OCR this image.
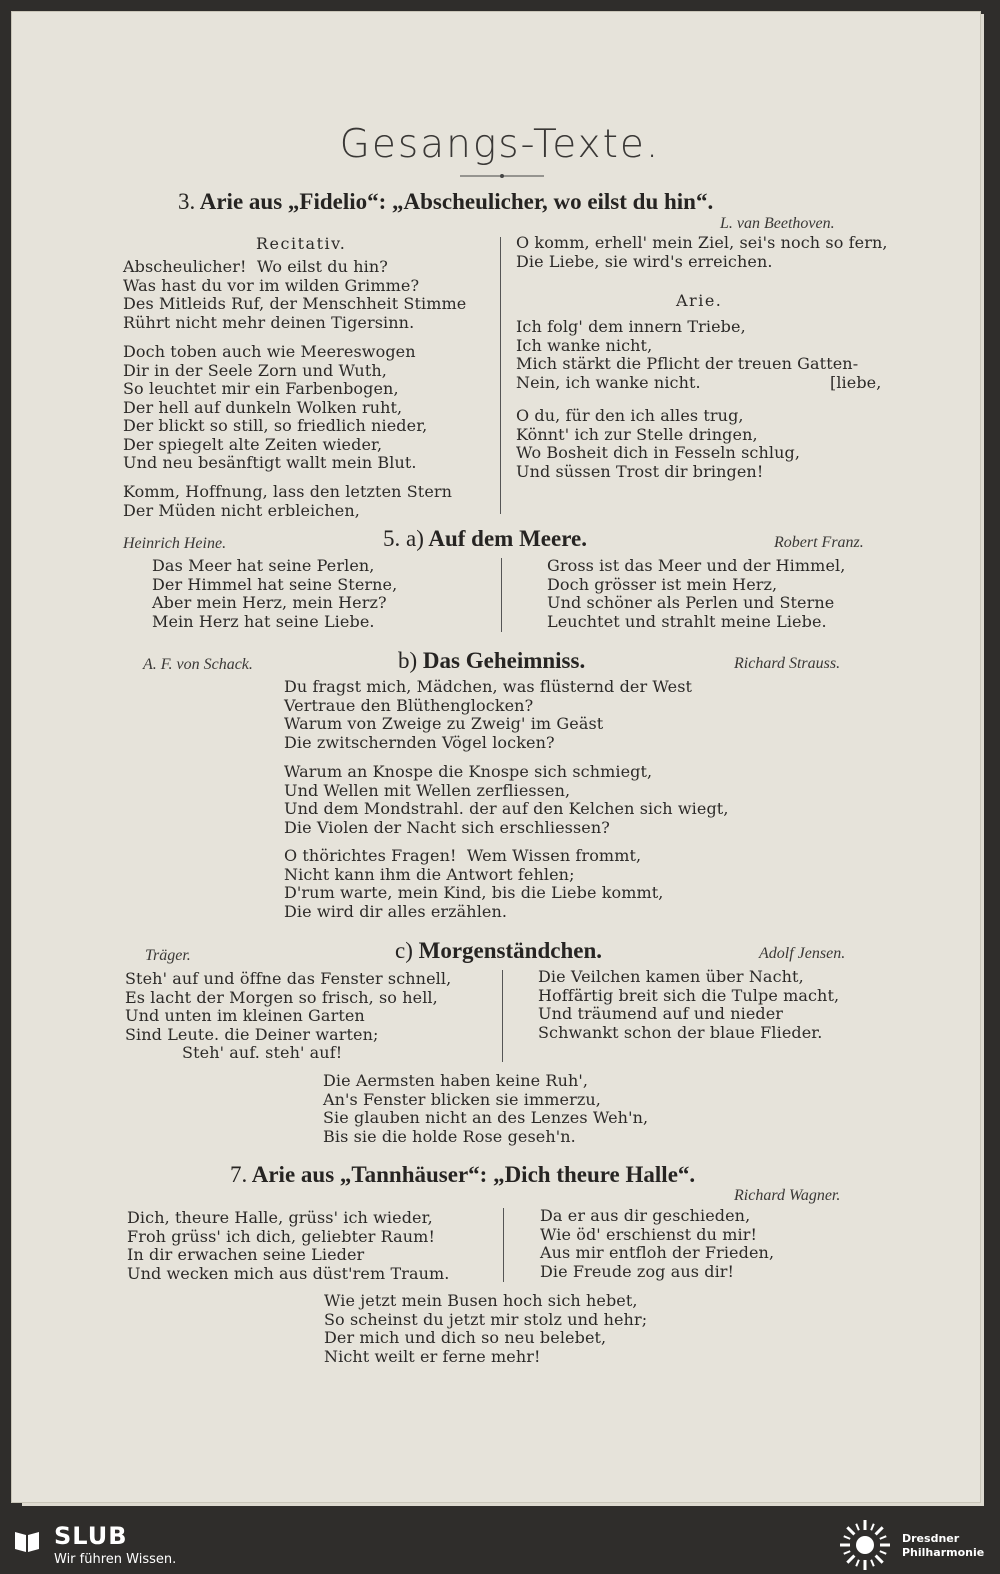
Gesangs-Texte.
3. Arie aus „Fidelio“: „Abscheulicher, wo eilst du hin“.
L. van Beethoven.
Recitativ.
Abscheulicher!  Wo eilst du hin?
Was hast du vor im wilden Grimme?
Des Mitleids Ruf, der Menschheit Stimme
Rührt nicht mehr deinen Tigersinn.
Doch toben auch wie Meereswogen
Dir in der Seele Zorn und Wuth,
So leuchtet mir ein Farbenbogen,
Der hell auf dunkeln Wolken ruht,
Der blickt so still, so friedlich nieder,
Der spiegelt alte Zeiten wieder,
Und neu besänftigt wallt mein Blut.
Komm, Hoffnung, lass den letzten Stern
Der Müden nicht erbleichen,
O komm, erhell' mein Ziel, sei's noch so fern,
Die Liebe, sie wird's erreichen.
Arie.
Ich folg' dem innern Triebe,
Ich wanke nicht,
Mich stärkt die Pflicht der treuen Gatten-
Nein, ich wanke nicht.	[liebe,
O du, für den ich alles trug,
Könnt' ich zur Stelle dringen,
Wo Bosheit dich in Fesseln schlug,
Und süssen Trost dir bringen!
Heinrich Heine.	5. a) Auf dem Meere.	Robert Franz.
Das Meer hat seine Perlen,
Der Himmel hat seine Sterne,
Aber mein Herz, mein Herz?
Mein Herz hat seine Liebe.
Gross ist das Meer und der Himmel,
Doch grösser ist mein Herz,
Und schöner als Perlen und Sterne
Leuchtet und strahlt meine Liebe.
A. F. von Schack.	b) Das Geheimniss.	Richard Strauss.
Du fragst mich, Mädchen, was flüsternd der West
Vertraue den Blüthenglocken?
Warum von Zweige zu Zweig' im Geäst
Die zwitschernden Vögel locken?
Warum an Knospe die Knospe sich schmiegt,
Und Wellen mit Wellen zerfliessen,
Und dem Mondstrahl. der auf den Kelchen sich wiegt,
Die Violen der Nacht sich erschliessen?
O thörichtes Fragen!  Wem Wissen frommt,
Nicht kann ihm die Antwort fehlen;
D'rum warte, mein Kind, bis die Liebe kommt,
Die wird dir alles erzählen.
Träger.	c) Morgenständchen.	Adolf Jensen.
Steh' auf und öffne das Fenster schnell,
Es lacht der Morgen so frisch, so hell,
Und unten im kleinen Garten
Sind Leute. die Deiner warten;
Steh' auf. steh' auf!
Die Veilchen kamen über Nacht,
Hoffärtig breit sich die Tulpe macht,
Und träumend auf und nieder
Schwankt schon der blaue Flieder.
Die Aermsten haben keine Ruh',
An's Fenster blicken sie immerzu,
Sie glauben nicht an des Lenzes Weh'n,
Bis sie die holde Rose geseh'n.
7. Arie aus „Tannhäuser“: „Dich theure Halle“.
Richard Wagner.
Dich, theure Halle, grüss' ich wieder,
Froh grüss' ich dich, geliebter Raum!
In dir erwachen seine Lieder
Und wecken mich aus düst'rem Traum.
Da er aus dir geschieden,
Wie öd' erschienst du mir!
Aus mir entfloh der Frieden,
Die Freude zog aus dir!
Wie jetzt mein Busen hoch sich hebet,
So scheinst du jetzt mir stolz und hehr;
Der mich und dich so neu belebet,
Nicht weilt er ferne mehr!
SLUB
Wir führen Wissen.
Dresdner
Philharmonie
